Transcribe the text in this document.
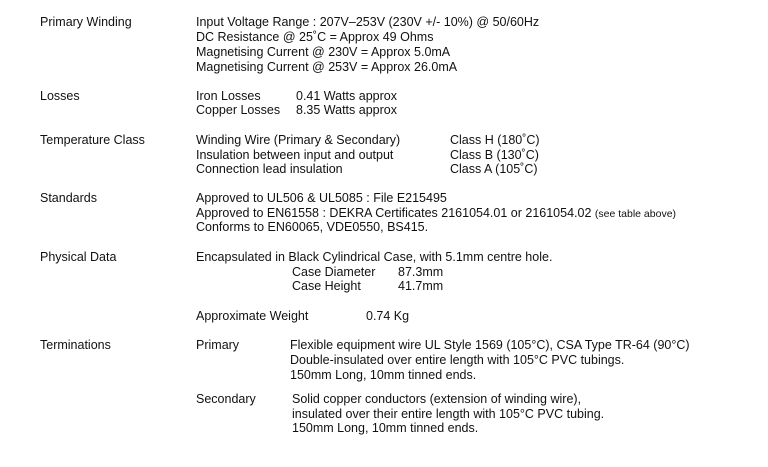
Primary Winding	Input Voltage Range : 207V–253V (230V +/- 10%) @ 50/60Hz
DC Resistance @ 25˚C = Approx 49 Ohms
Magnetising Current @ 230V = Approx 5.0mA
Magnetising Current @ 253V = Approx 26.0mA
Losses	Iron Losses	0.41 Watts approx
Copper Losses 8.35 Watts approx
Temperature Class	Winding Wire (Primary & Secondary)	Class H (180˚C)
Insulation between input and output	Class B (130˚C)
Connection lead insulation	Class A (105˚C)
Standards	Approved to UL506 & UL5085 : File E215495
Approved to EN61558 : DEKRA Certificates 2161054.01 or 2161054.02 (see table above)
Conforms to EN60065, VDE0550, BS415.
Physical Data	Encapsulated in Black Cylindrical Case, with 5.1mm centre hole.
Case Diameter 87.3mm
Case Height	41.7mm
Approximate Weight	0.74 Kg
Terminations	Primary	Flexible equipment wire UL Style 1569 (105°C), CSA Type TR-64 (90°C)
Double-insulated over entire length with 105°C PVC tubings.
150mm Long, 10mm tinned ends.
Secondary	Solid copper conductors (extension of winding wire),
insulated over their entire length with 105°C PVC tubing.
150mm Long, 10mm tinned ends.
